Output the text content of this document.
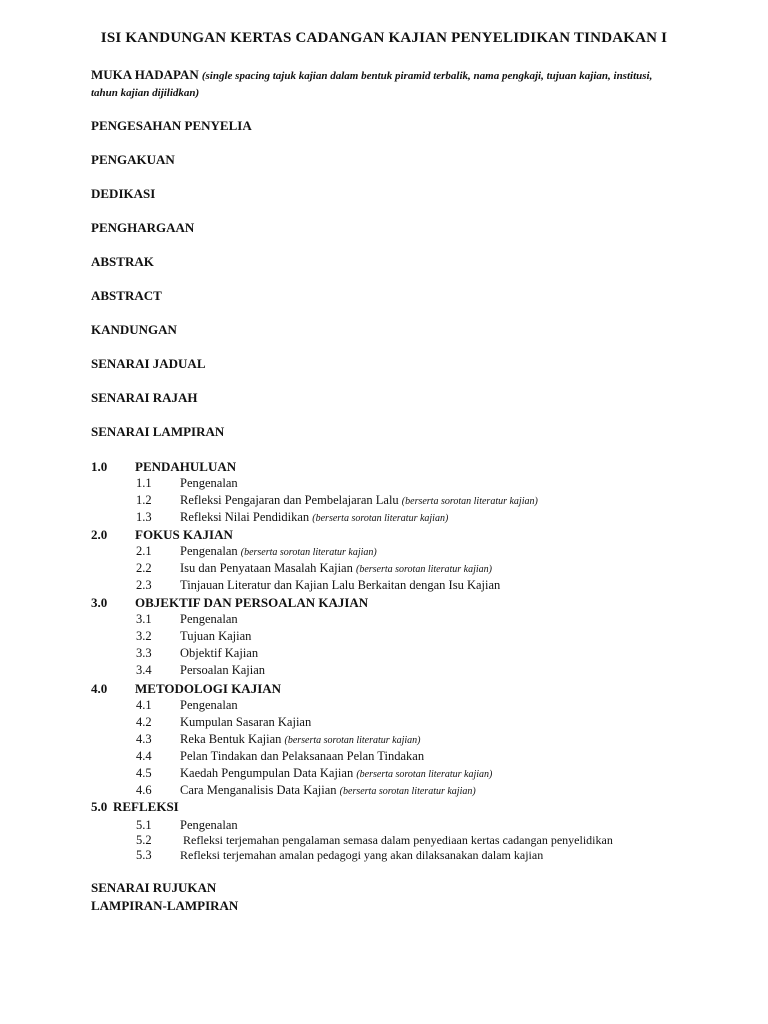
ISI KANDUNGAN KERTAS CADANGAN KAJIAN PENYELIDIKAN TINDAKAN I
MUKA HADAPAN (single spacing tajuk kajian dalam bentuk piramid terbalik, nama pengkaji, tujuan kajian, institusi, tahun kajian dijilidkan)
PENGESAHAN PENYELIA
PENGAKUAN
DEDIKASI
PENGHARGAAN
ABSTRAK
ABSTRACT
KANDUNGAN
SENARAI JADUAL
SENARAI RAJAH
SENARAI LAMPIRAN
1.0 PENDAHULUAN
1.1 Pengenalan
1.2 Refleksi Pengajaran dan Pembelajaran Lalu (berserta sorotan literatur kajian)
1.3 Refleksi Nilai Pendidikan (berserta sorotan literatur kajian)
2.0 FOKUS KAJIAN
2.1 Pengenalan (berserta sorotan literatur kajian)
2.2 Isu dan Penyataan Masalah Kajian (berserta sorotan literatur kajian)
2.3 Tinjauan Literatur dan Kajian Lalu Berkaitan dengan Isu Kajian
3.0 OBJEKTIF DAN PERSOALAN KAJIAN
3.1 Pengenalan
3.2 Tujuan Kajian
3.3 Objektif Kajian
3.4 Persoalan Kajian
4.0 METODOLOGI KAJIAN
4.1 Pengenalan
4.2 Kumpulan Sasaran Kajian
4.3 Reka Bentuk Kajian (berserta sorotan literatur kajian)
4.4 Pelan Tindakan dan Pelaksanaan Pelan Tindakan
4.5 Kaedah Pengumpulan Data Kajian (berserta sorotan literatur kajian)
4.6 Cara Menganalisis Data Kajian (berserta sorotan literatur kajian)
5.0 REFLEKSI
5.1 Pengenalan
5.2	Refleksi terjemahan pengalaman semasa dalam penyediaan kertas cadangan penyelidikan
5.3 Refleksi terjemahan amalan pedagogi yang akan dilaksanakan dalam kajian
SENARAI RUJUKAN
LAMPIRAN-LAMPIRAN
